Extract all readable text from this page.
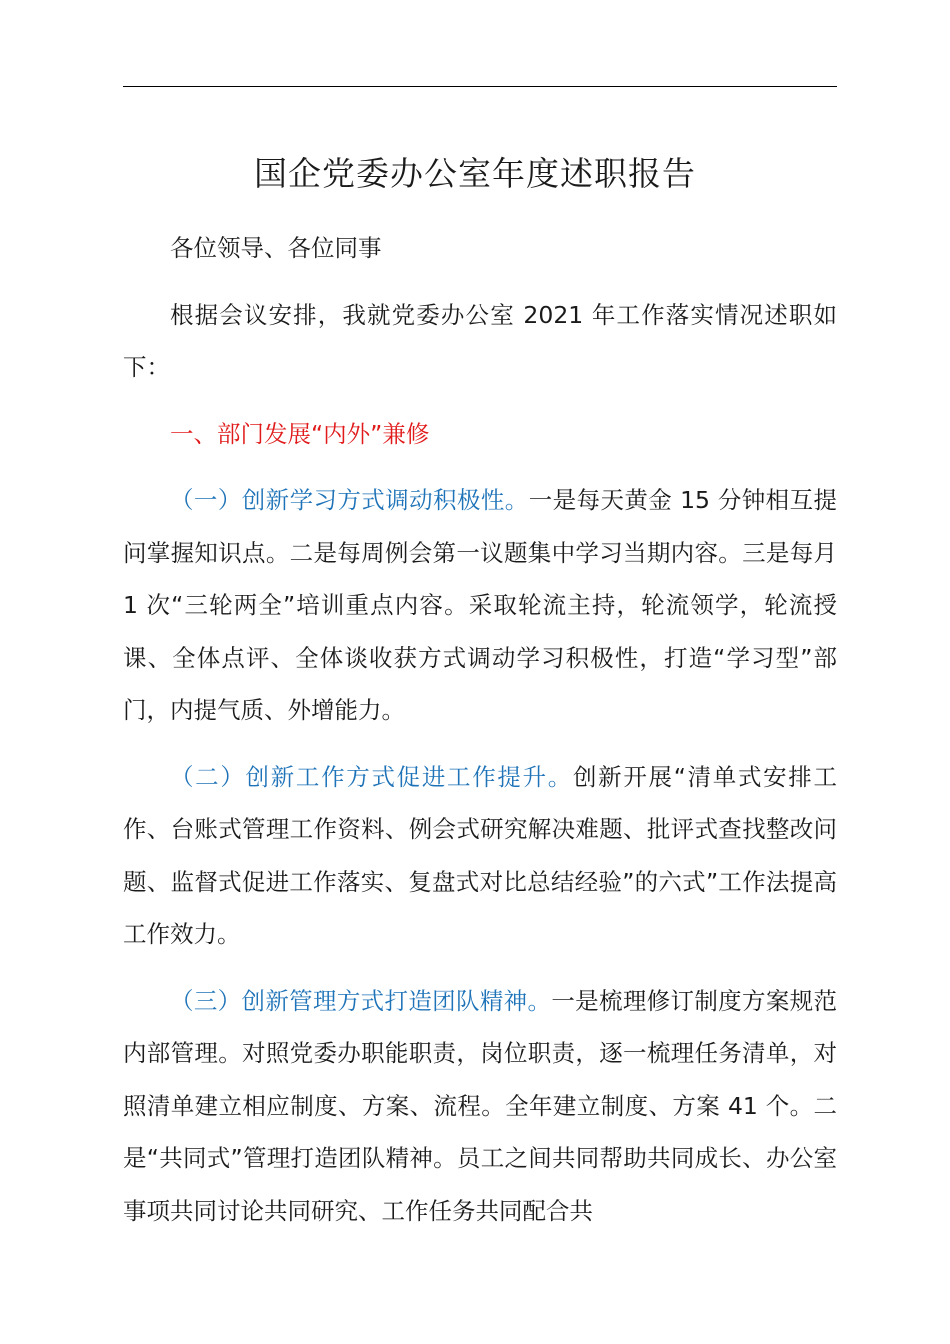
国企党委办公室年度述职报告

各位领导、各位同事

根据会议安排，我就党委办公室 2021 年工作落实情况述职如下：

一、部门发展“内外”兼修

（一）创新学习方式调动积极性。一是每天黄金 15 分钟相互提问掌握知识点。二是每周例会第一议题集中学习当期内容。三是每月 1 次“三轮两全”培训重点内容。采取轮流主持，轮流领学，轮流授课、全体点评、全体谈收获方式调动学习积极性，打造“学习型”部门，内提气质、外增能力。

（二）创新工作方式促进工作提升。创新开展“清单式安排工作、台账式管理工作资料、例会式研究解决难题、批评式查找整改问题、监督式促进工作落实、复盘式对比总结经验”的六式”工作法提高工作效力。

（三）创新管理方式打造团队精神。一是梳理修订制度方案规范内部管理。对照党委办职能职责，岗位职责，逐一梳理任务清单，对照清单建立相应制度、方案、流程。全年建立制度、方案 41 个。二是“共同式”管理打造团队精神。员工之间共同帮助共同成长、办公室事项共同讨论共同研究、工作任务共同配合共
